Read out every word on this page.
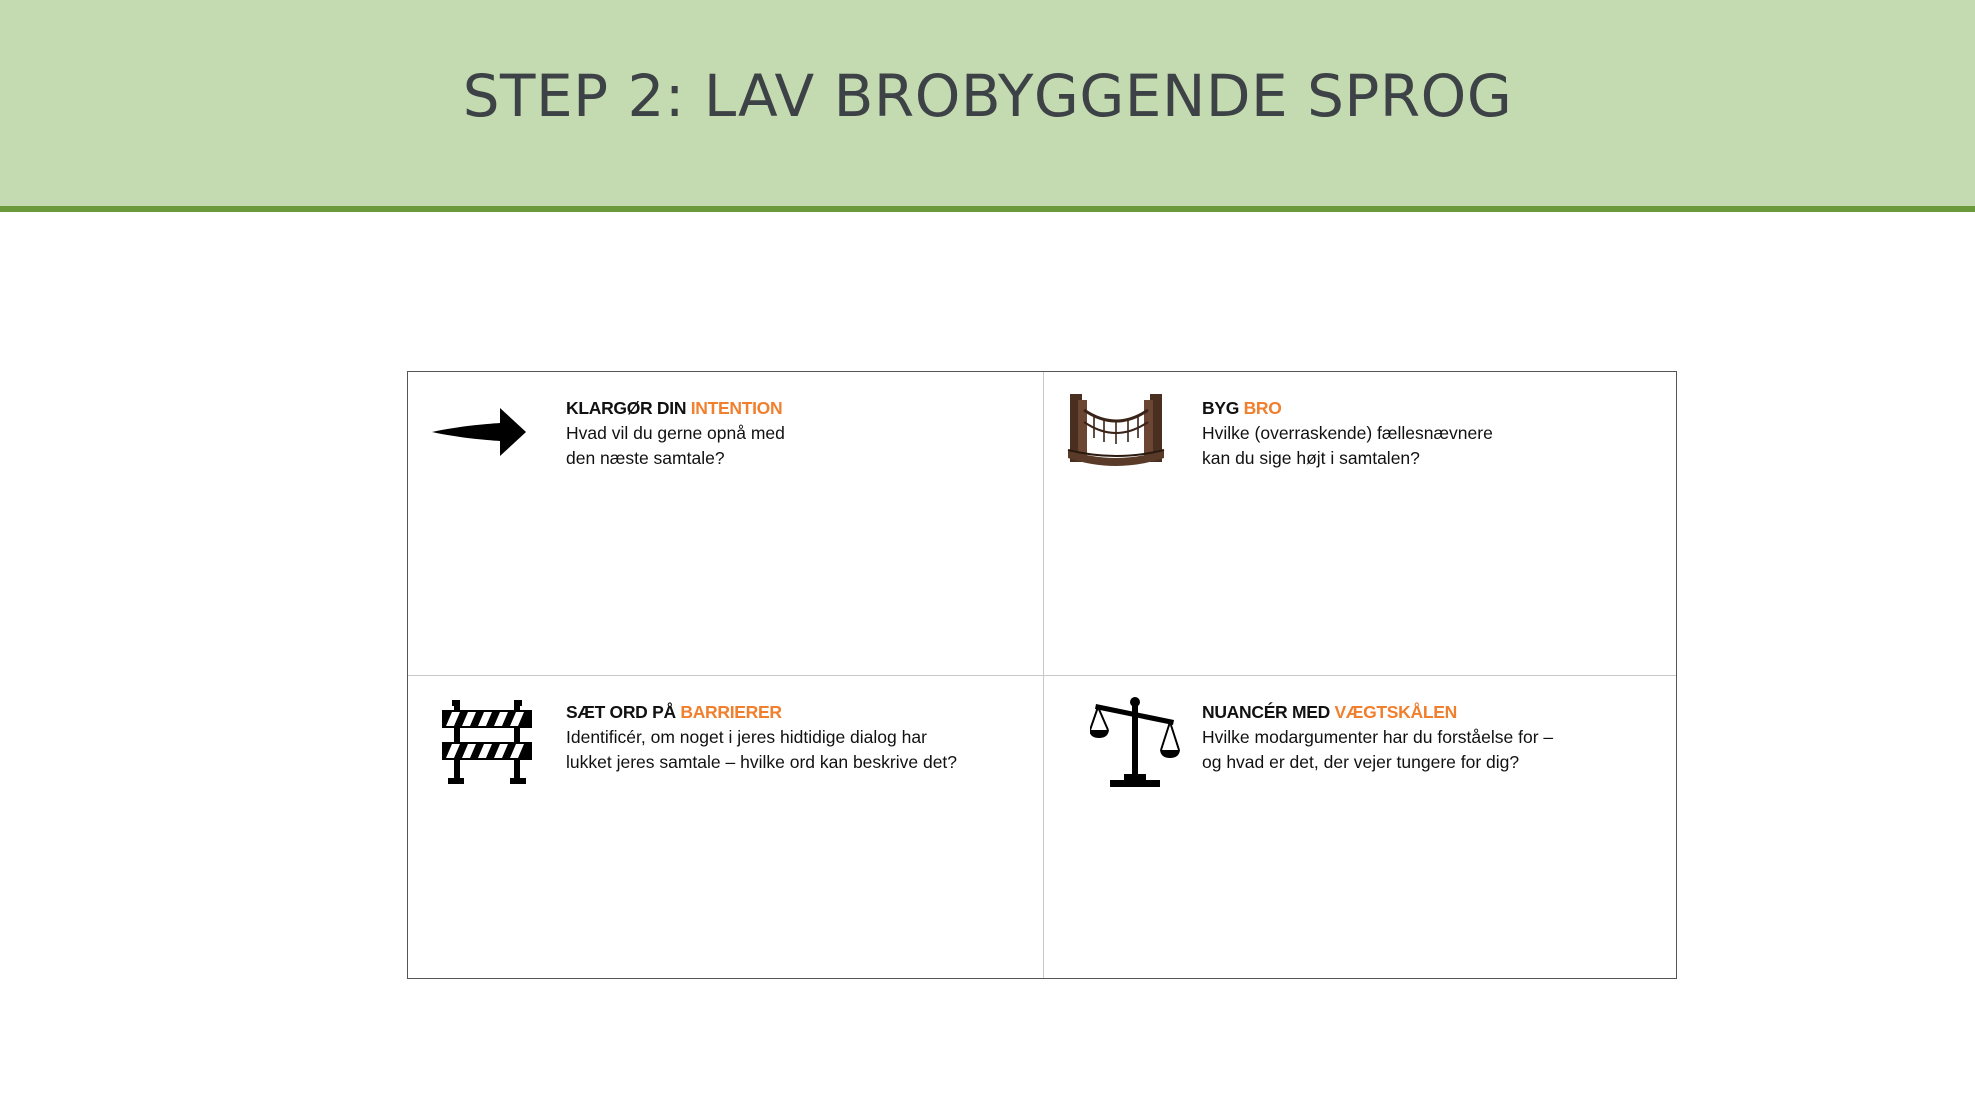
STEP 2: LAV BROBYGGENDE SPROG
KLARGØR DIN INTENTION
Hvad vil du gerne opnå med
den næste samtale?
BYG BRO
Hvilke (overraskende) fællesnævnere
kan du sige højt i samtalen?
SÆT ORD PÅ BARRIERER
Identificér, om noget i jeres hidtidige dialog har
lukket jeres samtale – hvilke ord kan beskrive det?
NUANCÉR MED VÆGTSKÅLEN
Hvilke modargumenter har du forståelse for –
og hvad er det, der vejer tungere for dig?
